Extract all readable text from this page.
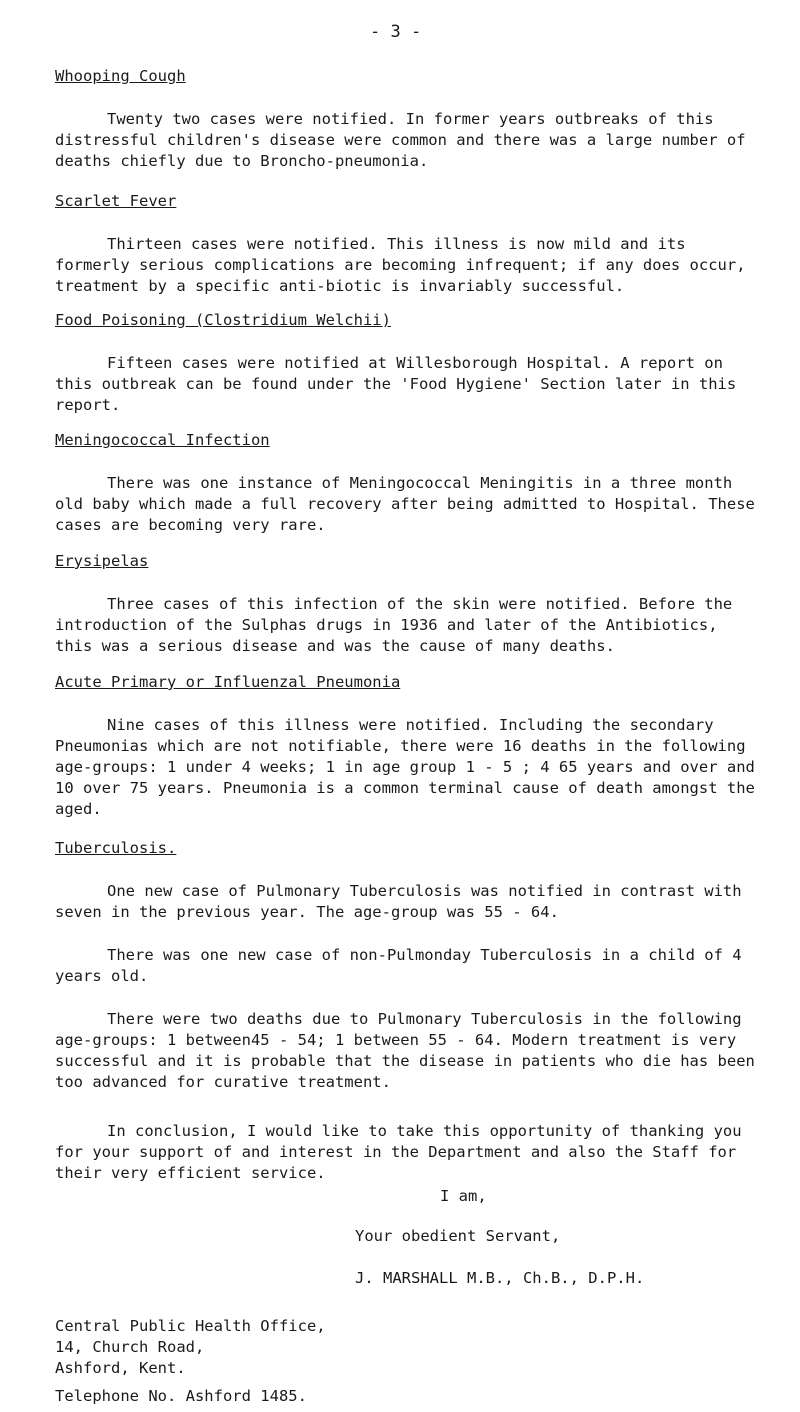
- 3 -
Whooping Cough

Twenty two cases were notified. In former years outbreaks of this distressful children's disease were common and there was a large number of deaths chiefly due to Broncho-pneumonia.

Scarlet Fever

Thirteen cases were notified. This illness is now mild and its formerly serious complications are becoming infrequent; if any does occur, treatment by a specific anti-biotic is invariably successful.

Food Poisoning (Clostridium Welchii)

Fifteen cases were notified at Willesborough Hospital. A report on this outbreak can be found under the 'Food Hygiene' Section later in this report.

Meningococcal Infection

There was one instance of Meningococcal Meningitis in a three month old baby which made a full recovery after being admitted to Hospital. These cases are becoming very rare.

Erysipelas

Three cases of this infection of the skin were notified. Before the introduction of the Sulphas drugs in 1936 and later of the Antibiotics, this was a serious disease and was the cause of many deaths.

Acute Primary or Influenzal Pneumonia

Nine cases of this illness were notified. Including the secondary Pneumonias which are not notifiable, there were 16 deaths in the following age-groups: 1 under 4 weeks; 1 in age group 1 - 5 ; 4 65 years and over and 10 over 75 years. Pneumonia is a common terminal cause of death amongst the aged.

Tuberculosis.

One new case of Pulmonary Tuberculosis was notified in contrast with seven in the previous year. The age-group was 55 - 64.

There was one new case of non-Pulmonday Tuberculosis in a child of 4 years old.

There were two deaths due to Pulmonary Tuberculosis in the following age-groups: 1 between45 - 54; 1 between 55 - 64. Modern treatment is very successful and it is probable that the disease in patients who die has been too advanced for curative treatment.

In conclusion, I would like to take this opportunity of thanking you for your support of and interest in the Department and also the Staff for their very efficient service.

I am,
Your obedient Servant,
J. MARSHALL M.B., Ch.B., D.P.H.
Central Public Health Office,
14, Church Road,
Ashford, Kent.
Telephone No. Ashford 1485.
